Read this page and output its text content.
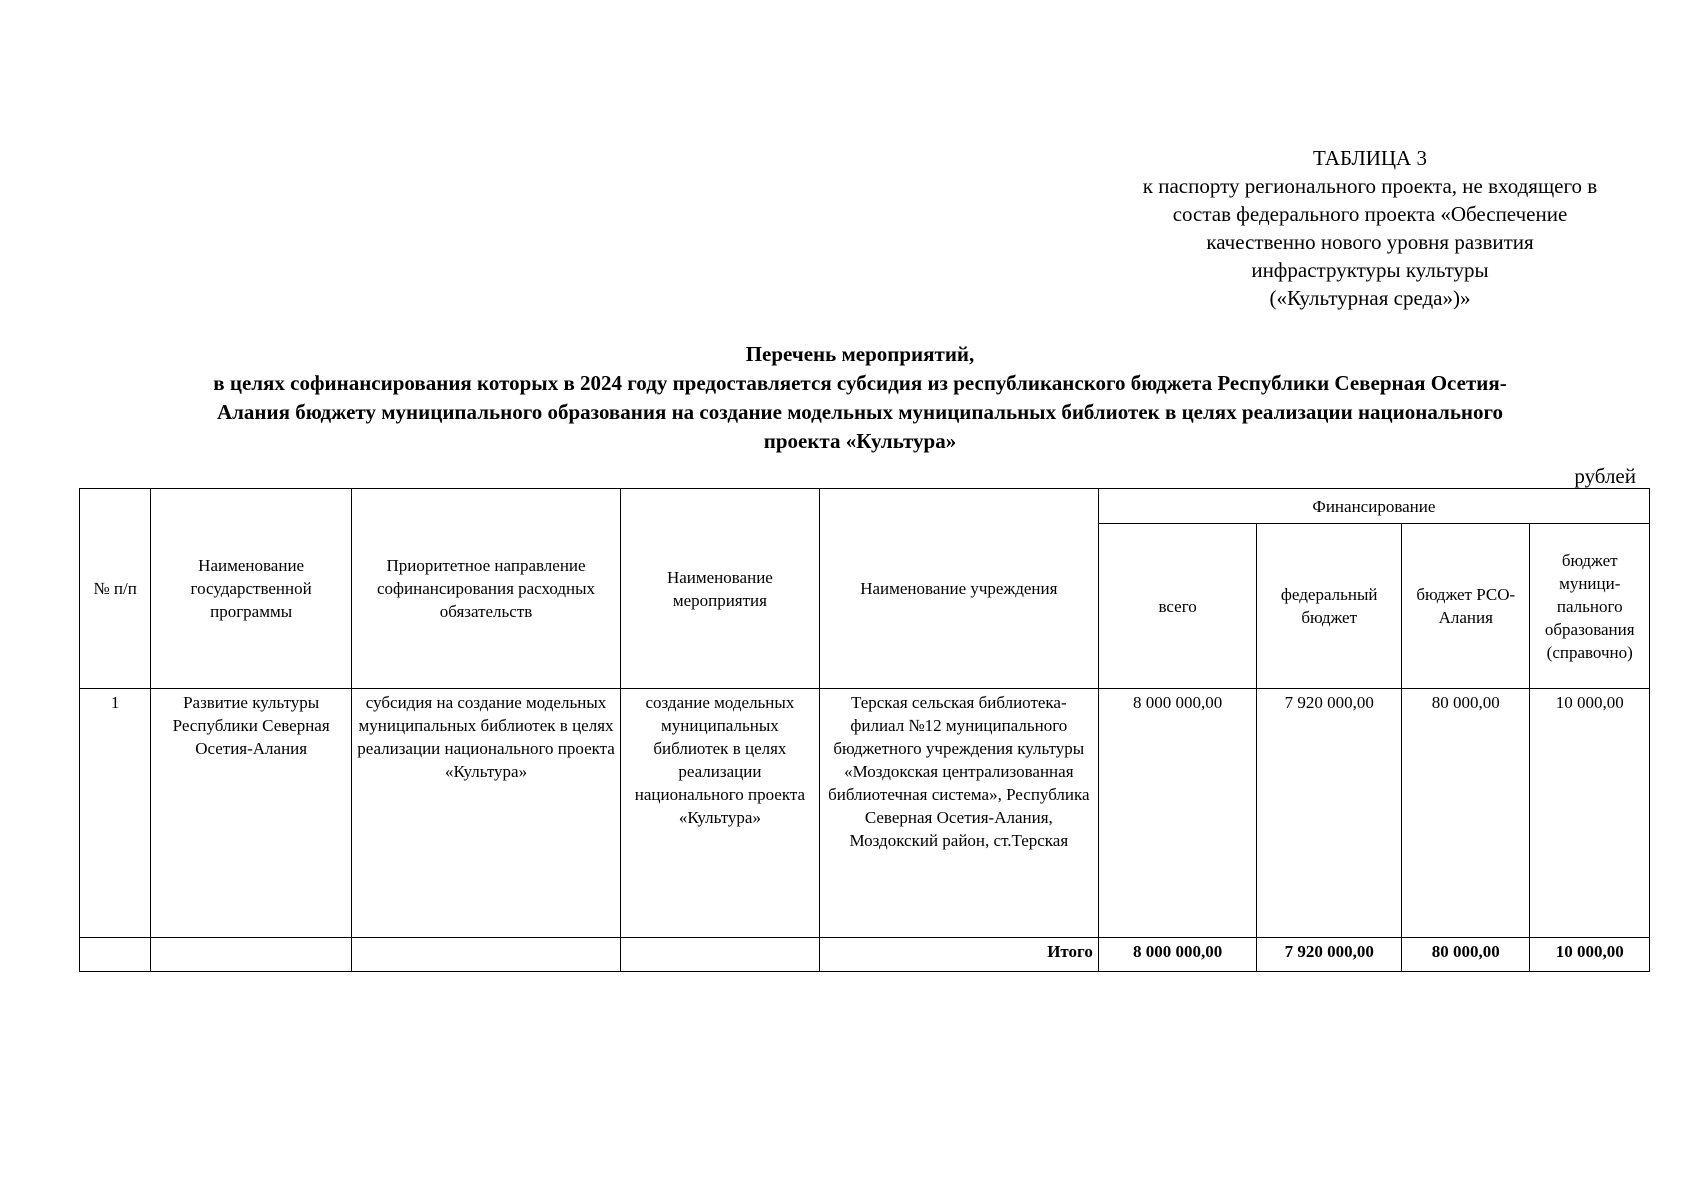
ТАБЛИЦА 3
к паспорту регионального проекта, не входящего в
состав федерального проекта «Обеспечение
качественно нового уровня развития
инфраструктуры культуры
(«Культурная среда»)»
Перечень мероприятий,
в целях софинансирования которых в 2024 году предоставляется субсидия из республиканского бюджета Республики Северная Осетия-
Алания бюджету муниципального образования на создание модельных муниципальных библиотек в целях реализации национального
проекта «Культура»
рублей
№ п/п	Наименование государственной программы	Приоритетное направление софинансирования расходных обязательств	Наименование мероприятия	Наименование учреждения	Финансирование			
					всего	федеральный бюджет	бюджет РСО-Алания	бюджет муници-пального образования (справочно)
1	Развитие культуры Республики Северная Осетия-Алания	субсидия на создание модельных муниципальных библиотек в целях реализации национального проекта «Культура»	создание модельных муниципальных библиотек в целях реализации национального проекта «Культура»	Терская сельская библиотека-филиал №12 муниципального бюджетного учреждения культуры «Моздокская централизованная библиотечная система», Республика Северная Осетия-Алания, Моздокский район, ст.Терская	8 000 000,00	7 920 000,00	80 000,00	10 000,00
				Итого	8 000 000,00	7 920 000,00	80 000,00	10 000,00
